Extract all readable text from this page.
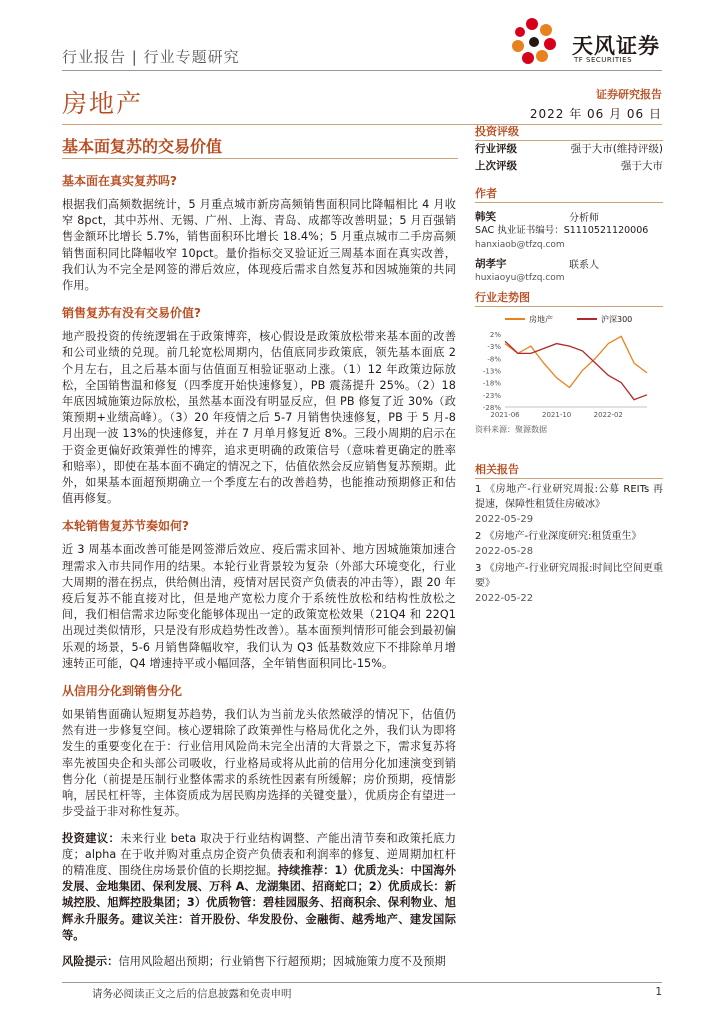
行业报告 | 行业专题研究	天风证券
TF SECURITIES
房地产	证券研究报告
2022 年 06 月 06 日
基本面复苏的交易价值
基本面在真实复苏吗?

根据我们高频数据统计，5 月重点城市新房高频销售面积同比降幅相比 4 月收窄 8pct，其中苏州、无锡、广州、上海、青岛、成都等改善明显；5 月百强销售金额环比增长 5.7%，销售面积环比增长 18.4%；5 月重点城市二手房高频销售面积同比降幅收窄 10pct。量价指标交叉验证近三周基本面在真实改善，我们认为不完全是网签的滞后效应，体现疫后需求自然复苏和因城施策的共同作用。

销售复苏有没有交易价值?

地产股投资的传统逻辑在于政策博弈，核心假设是政策放松带来基本面的改善和公司业绩的兑现。前几轮宽松周期内，估值底同步政策底，领先基本面底 2 个月左右，且之后基本面与估值面互相验证驱动上涨。（1）12 年政策边际放松，全国销售温和修复（四季度开始快速修复），PB 震荡提升 25%。（2）18 年底因城施策边际放松，虽然基本面没有明显反应，但 PB 修复了近 30%（政策预期+业绩高峰）。（3）20 年疫情之后 5-7 月销售快速修复，PB 于 5 月-8 月出现一波 13%的快速修复，并在 7 月单月修复近 8%。三段小周期的启示在于资金更偏好政策弹性的博弈，追求更明确的政策信号（意味着更确定的胜率和赔率），即使在基本面不确定的情况之下，估值依然会反应销售复苏预期。此外，如果基本面超预期确立一个季度左右的改善趋势，也能推动预期修正和估值再修复。

本轮销售复苏节奏如何?

近 3 周基本面改善可能是网签滞后效应、疫后需求回补、地方因城施策加速合理需求入市共同作用的结果。本轮行业背景较为复杂（外部大环境变化，行业大周期的潜在拐点，供给侧出清，疫情对居民资产负债表的冲击等），跟 20 年疫后复苏不能直接对比，但是地产宽松力度介于系统性放松和结构性放松之间，我们相信需求边际变化能够体现出一定的政策宽松效果（21Q4 和 22Q1 出现过类似情形，只是没有形成趋势性改善）。基本面预判情形可能会到最初偏乐观的场景，5-6 月销售降幅收窄，我们认为 Q3 低基数效应下不排除单月增速转正可能，Q4 增速持平或小幅回落，全年销售面积同比-15%。

从信用分化到销售分化

如果销售面确认短期复苏趋势，我们认为当前龙头依然破浮的情况下，估值仍然有进一步修复空间。核心逻辑除了政策弹性与格局优化之外，我们认为即将发生的重要变化在于：行业信用风险尚未完全出清的大背景之下，需求复苏将率先被国央企和头部公司吸收，行业格局或将从此前的信用分化加速演变到销售分化（前提是压制行业整体需求的系统性因素有所缓解；房价预期，疫情影响，居民杠杆等，主体资质成为居民购房选择的关键变量），优质房企有望进一步受益于非对称性复苏。

投资建议：未来行业 beta 取决于行业结构调整、产能出清节奏和政策托底力度；alpha 在于收并购对重点房企资产负债表和利润率的修复、逆周期加杠杆的精准度、围绕住房场景价值的长期挖掘。持续推荐：1）优质龙头：中国海外发展、金地集团、保利发展、万科 A、龙湖集团、招商蛇口；2）优质成长：新城控股、旭辉控股集团；3）优质物管：碧桂园服务、招商积余、保利物业、旭辉永升服务。建议关注：首开股份、华发股份、金融街、越秀地产、建发国际等。

风险提示：信用风险超出预期；行业销售下行超预期；因城施策力度不及预期

投资评级
行业评级	强于大市(维持评级)
上次评级	强于大市
作者
韩笑	分析师
SAC 执业证书编号：S1110521120006
hanxiaob@tfzq.com
胡孝宇	联系人
huxiaoyu@tfzq.com
行业走势图
房地产	沪深300
2%
-3%
-8%
-13%
-18%
-23%
-28%
2021-06	2021-10	2022-02
资料来源：聚源数据
相关报告
1 《房地产-行业研究周报:公募 REITs 再提速，保障性租赁住房破冰》
2022-05-29
2 《房地产-行业深度研究:租赁重生》
2022-05-28
3 《房地产-行业研究周报:时间比空间更重要》
2022-05-22
请务必阅读正文之后的信息披露和免责申明	1
